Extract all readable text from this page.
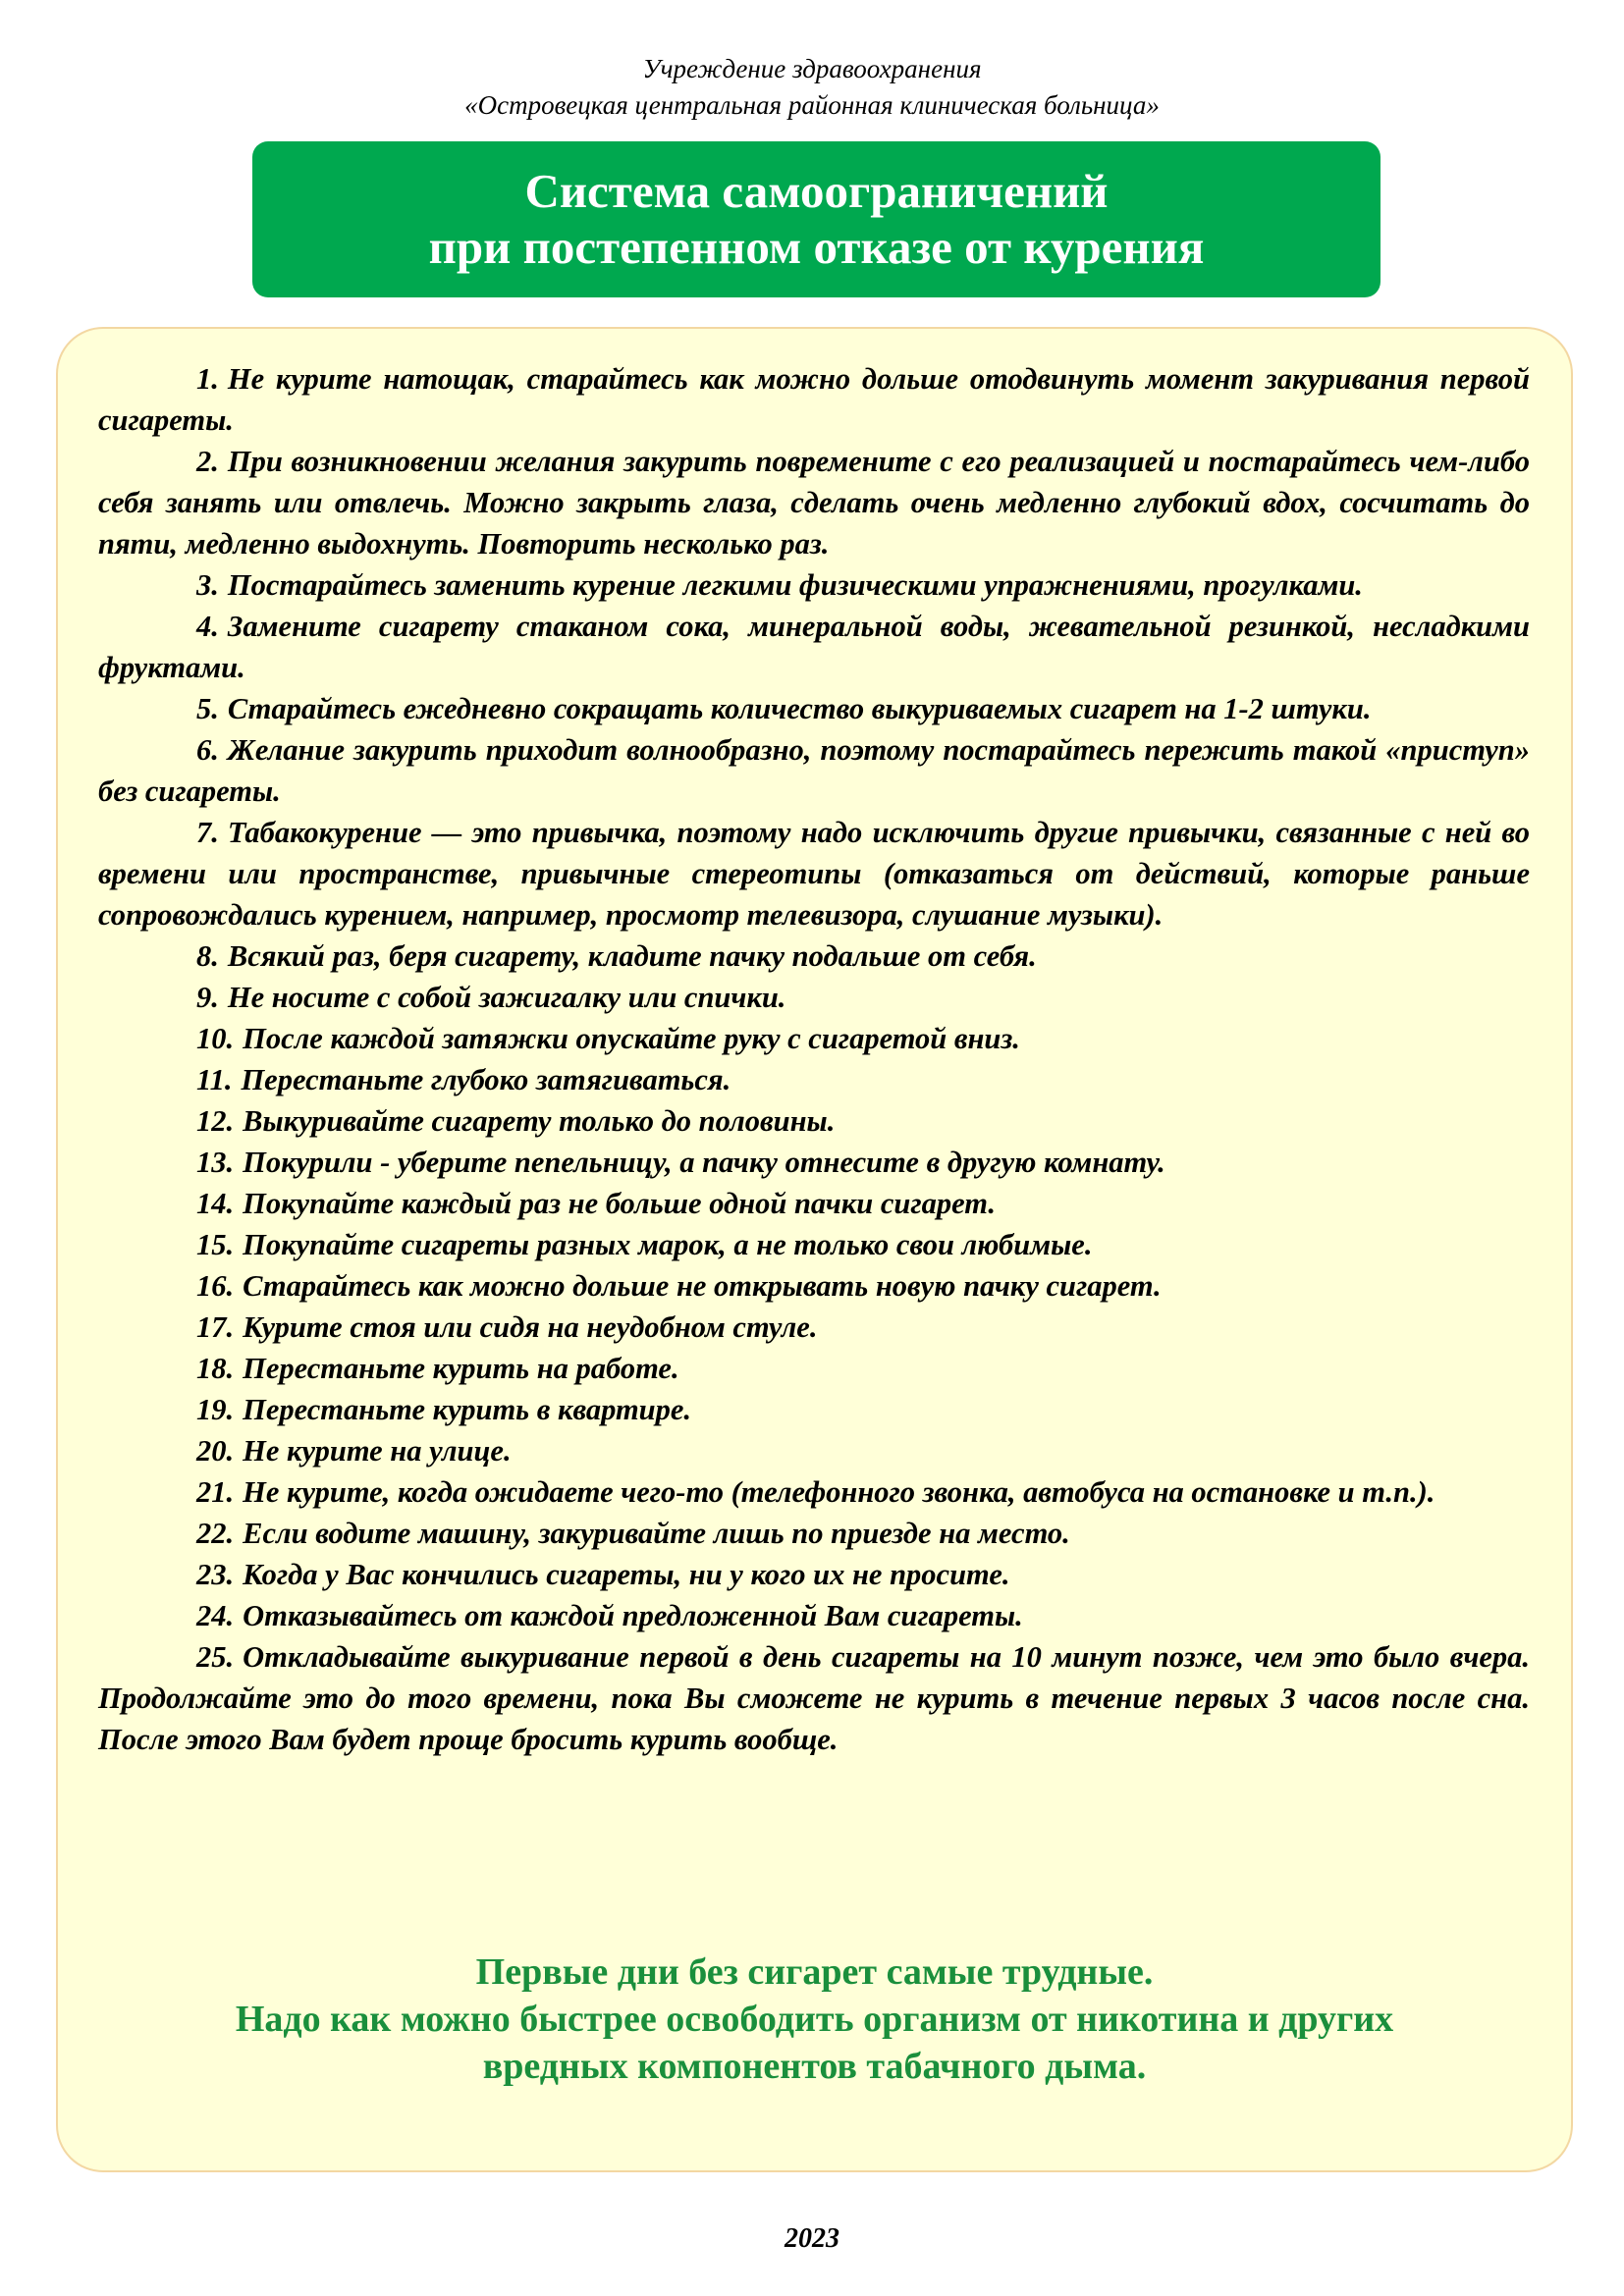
Учреждение здравоохранения
«Островецкая центральная районная клиническая больница»
Система самоограничений
при постепенном отказе от курения
1. Не курите натощак, старайтесь как можно дольше отодвинуть момент закуривания первой сигареты.
2. При возникновении желания закурить повремените с его реализацией и постарайтесь чем-либо себя занять или отвлечь. Можно закрыть глаза, сделать очень медленно глубокий вдох, сосчитать до пяти, медленно выдохнуть. Повторить несколько раз.
3. Постарайтесь заменить курение легкими физическими упражнениями, прогулками.
4. Замените сигарету стаканом сока, минеральной воды, жевательной резинкой, несладкими фруктами.
5. Старайтесь ежедневно сокращать количество выкуриваемых сигарет на 1-2 штуки.
6. Желание закурить приходит волнообразно, поэтому постарайтесь пережить такой «приступ» без сигареты.
7. Табакокурение — это привычка, поэтому надо исключить другие привычки, связанные с ней во времени или пространстве, привычные стереотипы (отказаться от действий, которые раньше сопровождались курением, например, просмотр телевизора, слушание музыки).
8. Всякий раз, беря сигарету, кладите пачку подальше от себя.
9. Не носите с собой зажигалку или спички.
10. После каждой затяжки опускайте руку с сигаретой вниз.
11. Перестаньте глубоко затягиваться.
12. Выкуривайте сигарету только до половины.
13. Покурили - уберите пепельницу, а пачку отнесите в другую комнату.
14. Покупайте каждый раз не больше одной пачки сигарет.
15. Покупайте сигареты разных марок, а не только свои любимые.
16. Старайтесь как можно дольше не открывать новую пачку сигарет.
17. Курите стоя или сидя на неудобном стуле.
18. Перестаньте курить на работе.
19. Перестаньте курить в квартире.
20. Не курите на улице.
21. Не курите, когда ожидаете чего-то (телефонного звонка, автобуса на остановке и т.п.).
22. Если водите машину, закуривайте лишь по приезде на место.
23. Когда у Вас кончились сигареты, ни у кого их не просите.
24. Отказывайтесь от каждой предложенной Вам сигареты.
25. Откладывайте выкуривание первой в день сигареты на 10 минут позже, чем это было вчера. Продолжайте это до того времени, пока Вы сможете не курить в течение первых 3 часов после сна. После этого Вам будет проще бросить курить вообще.
Первые дни без сигарет самые трудные.
Надо как можно быстрее освободить организм от никотина и других
вредных компонентов табачного дыма.
2023
